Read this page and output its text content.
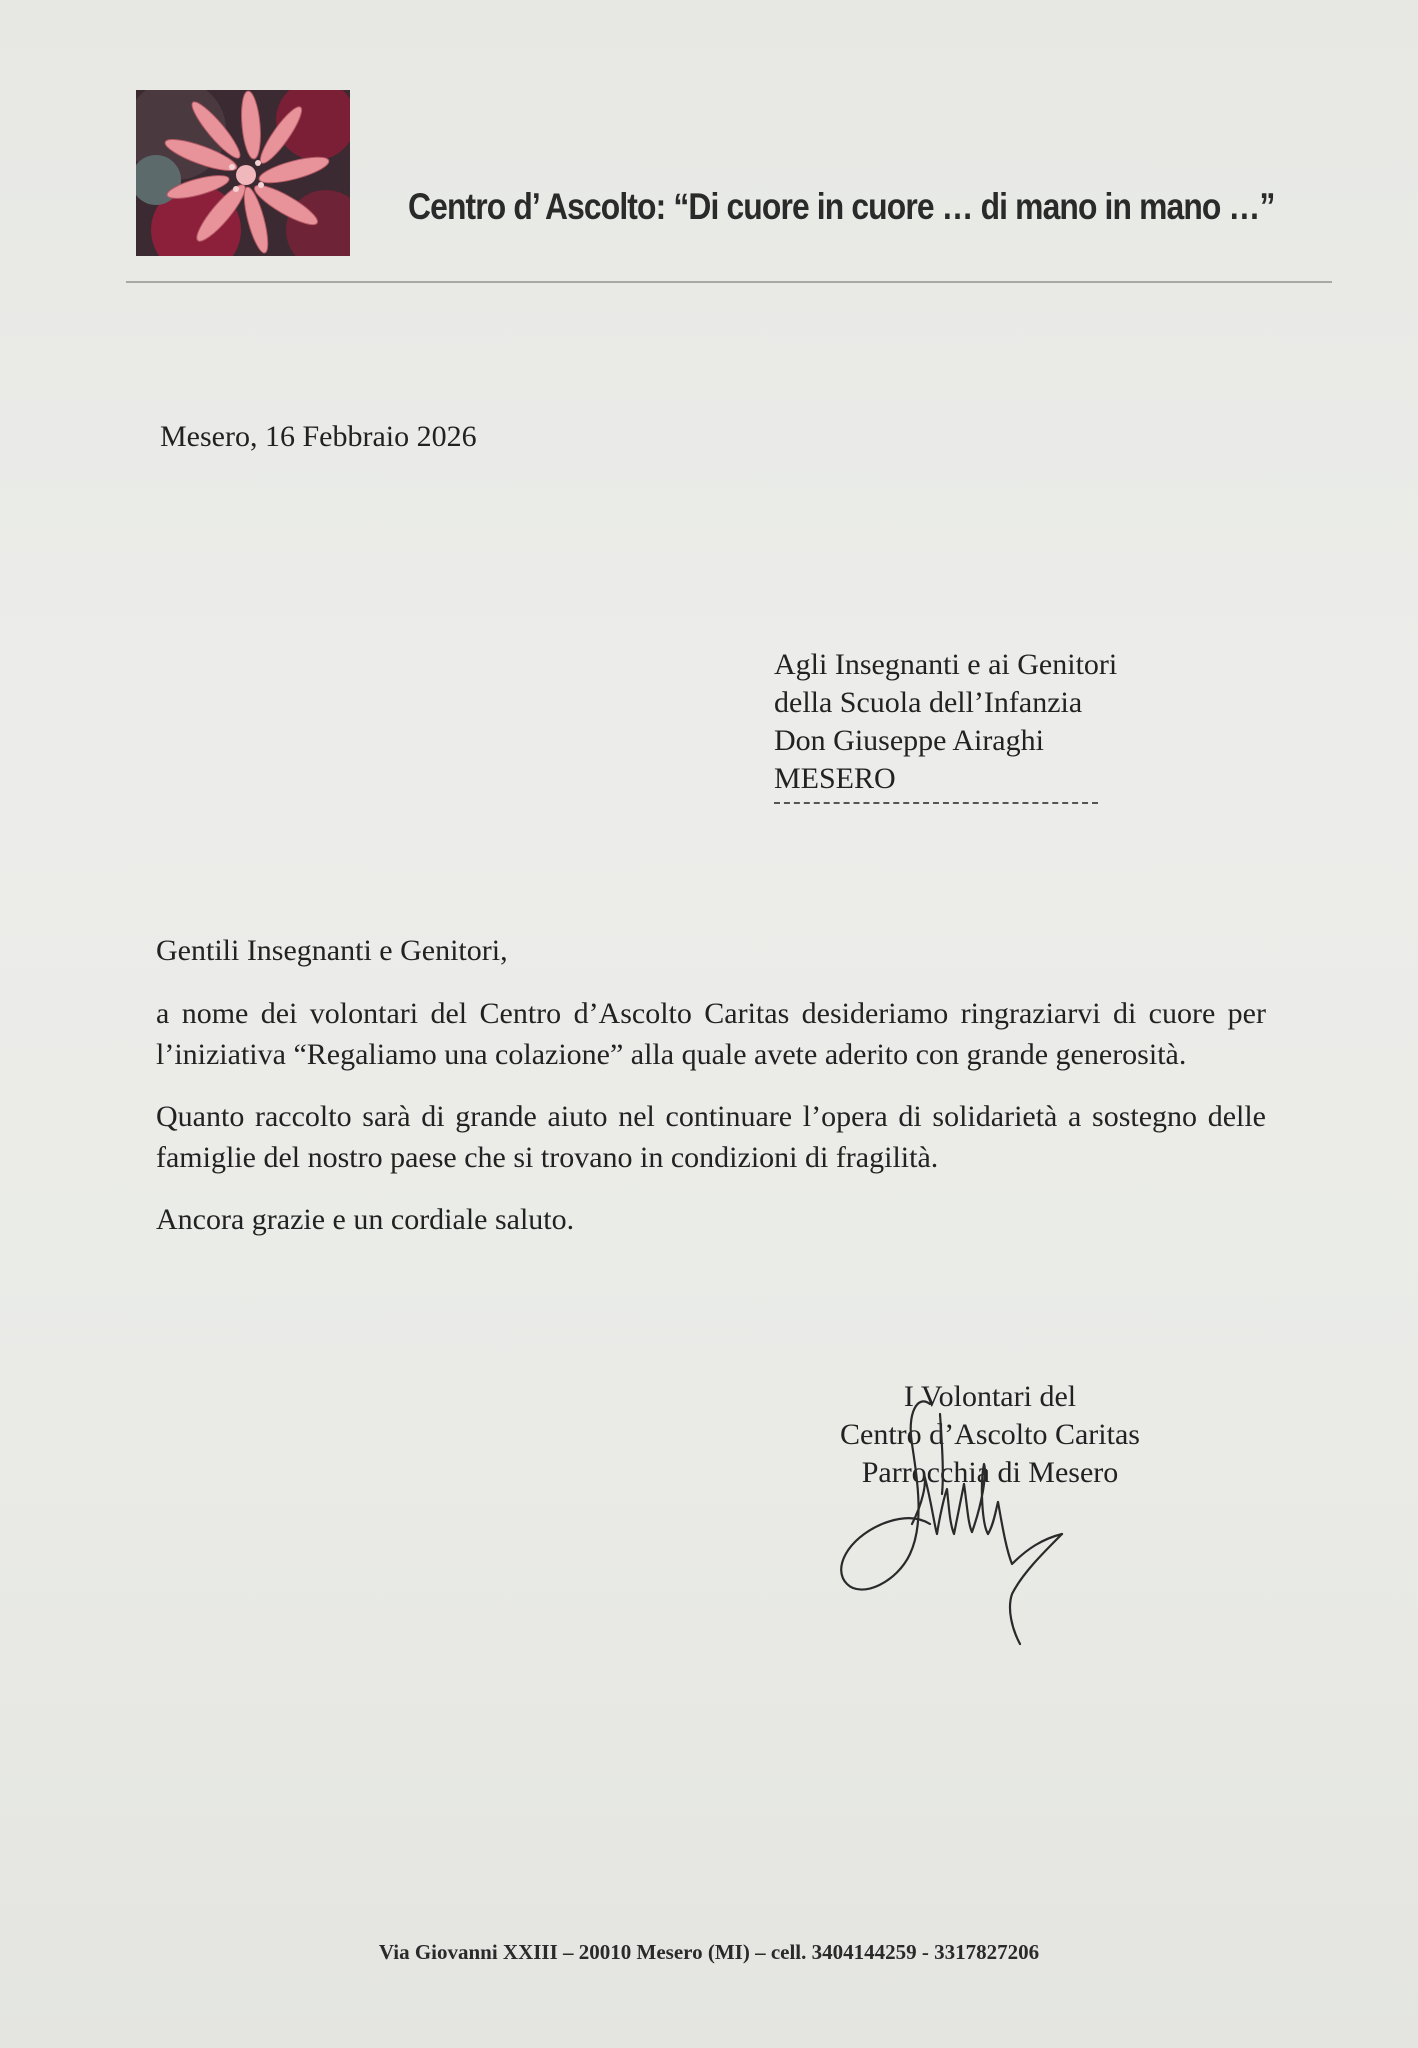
Centro d’ Ascolto: “Di cuore in cuore … di mano in mano …”
Mesero, 16 Febbraio 2026
Agli Insegnanti e ai Genitori
della Scuola dell’Infanzia
Don Giuseppe Airaghi
MESERO

Gentili Insegnanti e Genitori,

a nome dei volontari del Centro d’Ascolto Caritas desideriamo ringraziarvi di cuore per l’iniziativa “Regaliamo una colazione” alla quale avete aderito con grande generosità.

Quanto raccolto sarà di grande aiuto nel continuare l’opera di solidarietà a sostegno delle famiglie del nostro paese che si trovano in condizioni di fragilità.

Ancora grazie e un cordiale saluto.

I Volontari del
Centro d’Ascolto Caritas
Parrocchia di Mesero
Via Giovanni XXIII – 20010 Mesero (MI) – cell. 3404144259 - 3317827206
